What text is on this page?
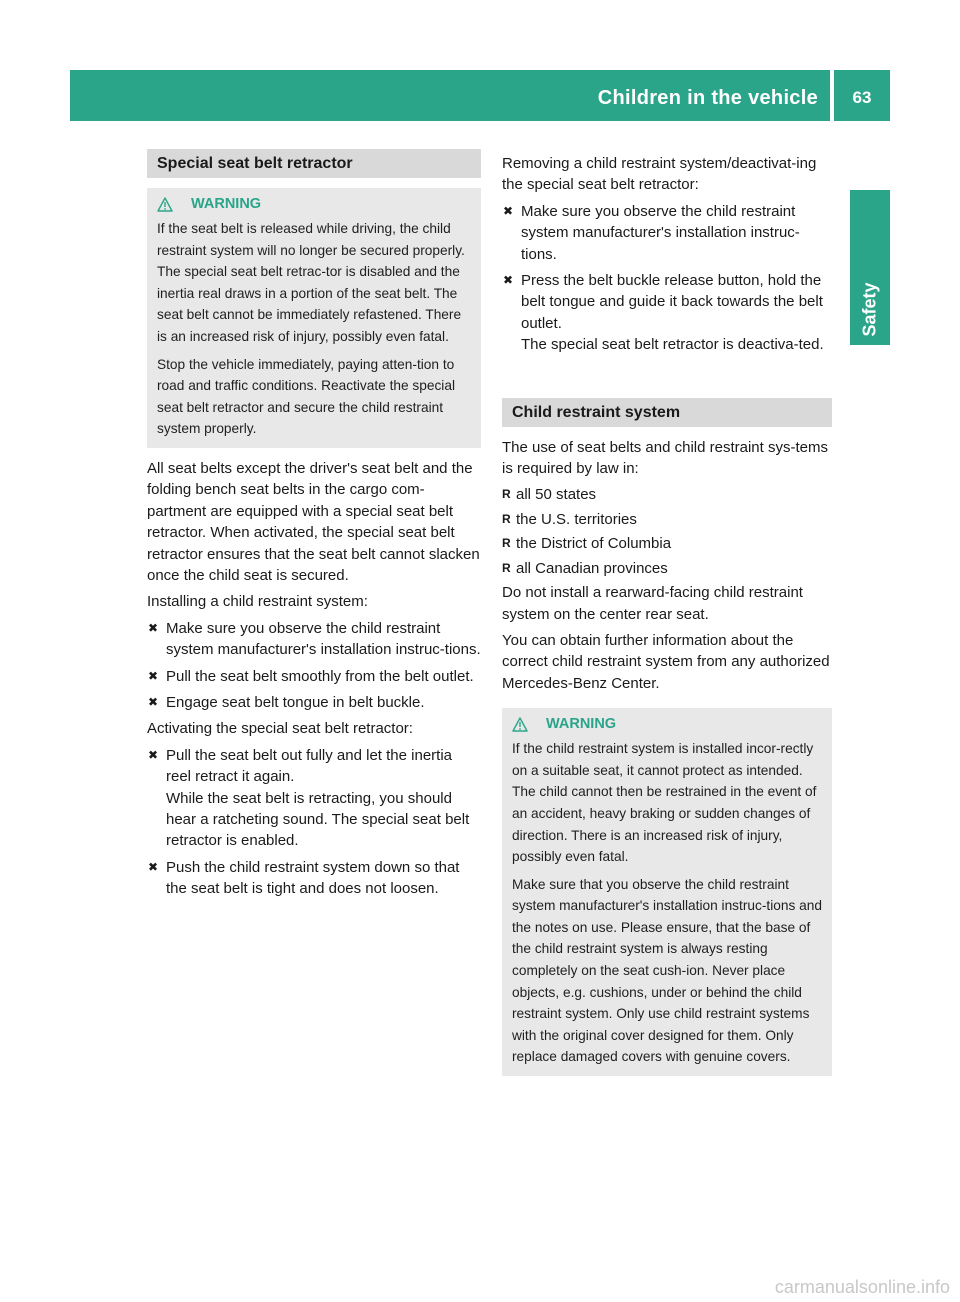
Children in the vehicle	63
Safety
Special seat belt retractor
WARNING

If the seat belt is released while driving, the child restraint system will no longer be secured properly. The special seat belt retrac-tor is disabled and the inertia real draws in a portion of the seat belt. The seat belt cannot be immediately refastened. There is an increased risk of injury, possibly even fatal.

Stop the vehicle immediately, paying atten-tion to road and traffic conditions. Reactivate the special seat belt retractor and secure the child restraint system properly.

All seat belts except the driver's seat belt and the folding bench seat belts in the cargo com-partment are equipped with a special seat belt retractor. When activated, the special seat belt retractor ensures that the seat belt cannot slacken once the child seat is secured.

Installing a child restraint system:

✖ Make sure you observe the child restraint system manufacturer's installation instruc-tions.
✖ Pull the seat belt smoothly from the belt outlet.
✖ Engage seat belt tongue in belt buckle.

Activating the special seat belt retractor:

✖ Pull the seat belt out fully and let the inertia reel retract it again.
While the seat belt is retracting, you should hear a ratcheting sound. The special seat belt retractor is enabled.
✖ Push the child restraint system down so that the seat belt is tight and does not loosen.

Removing a child restraint system/deactivat-ing the special seat belt retractor:

✖ Make sure you observe the child restraint system manufacturer's installation instruc-tions.
✖ Press the belt buckle release button, hold the belt tongue and guide it back towards the belt outlet.
The special seat belt retractor is deactiva-ted.
Child restraint system

The use of seat belts and child restraint sys-tems is required by law in:

R all 50 states
R the U.S. territories
R the District of Columbia
R all Canadian provinces

Do not install a rearward-facing child restraint system on the center rear seat.

You can obtain further information about the correct child restraint system from any authorized Mercedes-Benz Center.

WARNING

If the child restraint system is installed incor-rectly on a suitable seat, it cannot protect as intended. The child cannot then be restrained in the event of an accident, heavy braking or sudden changes of direction. There is an increased risk of injury, possibly even fatal.

Make sure that you observe the child restraint system manufacturer's installation instruc-tions and the notes on use. Please ensure, that the base of the child restraint system is always resting completely on the seat cush-ion. Never place objects, e.g. cushions, under or behind the child restraint system. Only use child restraint systems with the original cover designed for them. Only replace damaged covers with genuine covers.

carmanualsonline.info
